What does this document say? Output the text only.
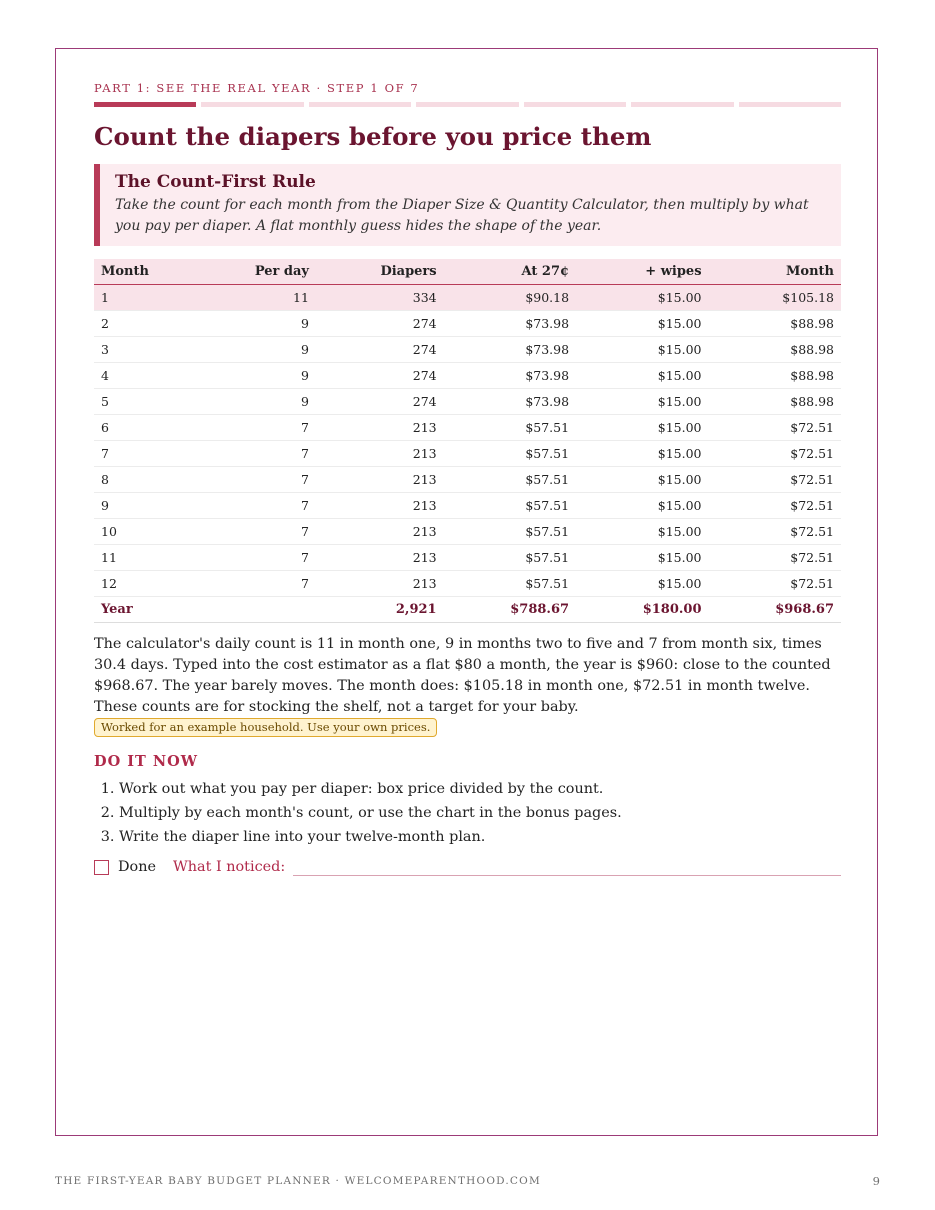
PART 1: SEE THE REAL YEAR · STEP 1 OF 7
Count the diapers before you price them
The Count-First Rule

Take the count for each month from the Diaper Size & Quantity Calculator, then multiply by what you pay per diaper. A flat monthly guess hides the shape of the year.

Month	Per day	Diapers	At 27¢	+ wipes	Month
1	11	334	$90.18	$15.00	$105.18
2	9	274	$73.98	$15.00	$88.98
3	9	274	$73.98	$15.00	$88.98
4	9	274	$73.98	$15.00	$88.98
5	9	274	$73.98	$15.00	$88.98
6	7	213	$57.51	$15.00	$72.51
7	7	213	$57.51	$15.00	$72.51
8	7	213	$57.51	$15.00	$72.51
9	7	213	$57.51	$15.00	$72.51
10	7	213	$57.51	$15.00	$72.51
11	7	213	$57.51	$15.00	$72.51
12	7	213	$57.51	$15.00	$72.51
Year		2,921	$788.67	$180.00	$968.67
The calculator's daily count is 11 in month one, 9 in months two to five and 7 from month six, times 30.4 days. Typed into the cost estimator as a flat $80 a month, the year is $960: close to the counted $968.67. The year barely moves. The month does: $105.18 in month one, $72.51 in month twelve. These counts are for stocking the shelf, not a target for your baby. Worked for an example household. Use your own prices.
DO IT NOW
1. Work out what you pay per diaper: box price divided by the count.
2. Multiply by each month's count, or use the chart in the bonus pages.
3. Write the diaper line into your twelve-month plan.
Done What I noticed:
THE FIRST-YEAR BABY BUDGET PLANNER · WELCOMEPARENTHOOD.COM	9
